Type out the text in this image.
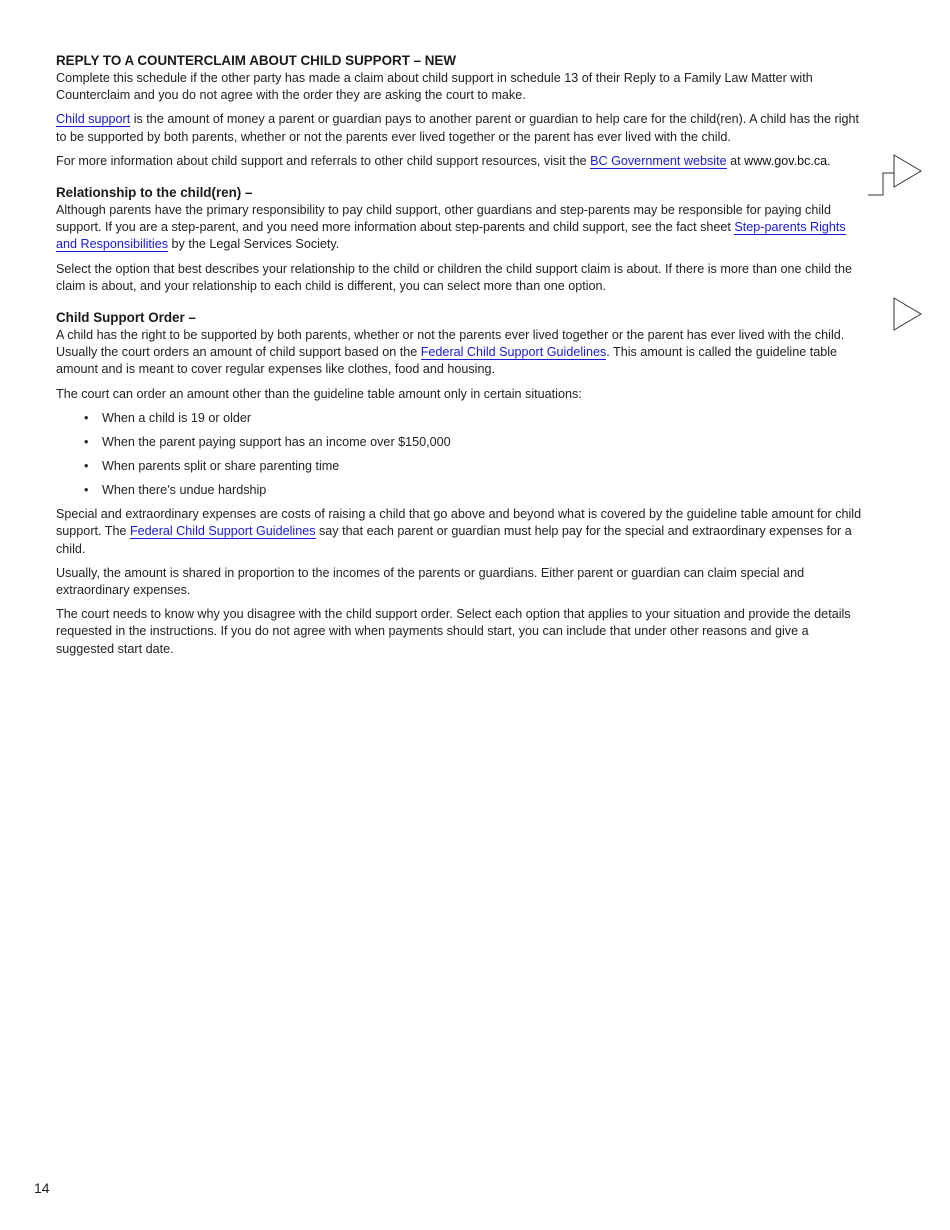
REPLY TO A COUNTERCLAIM ABOUT CHILD SUPPORT – NEW

Complete this schedule if the other party has made a claim about child support in schedule 13 of their Reply to a Family Law Matter with Counterclaim and you do not agree with the order they are asking the court to make.

Child support is the amount of money a parent or guardian pays to another parent or guardian to help care for the child(ren). A child has the right to be supported by both parents, whether or not the parents ever lived together or the parent has ever lived with the child.

For more information about child support and referrals to other child support resources, visit the BC Government website at www.gov.bc.ca.

Relationship to the child(ren) –

Although parents have the primary responsibility to pay child support, other guardians and step-parents may be responsible for paying child support. If you are a step-parent, and you need more information about step-parents and child support, see the fact sheet Step-parents Rights and Responsibilities by the Legal Services Society.

Select the option that best describes your relationship to the child or children the child support claim is about. If there is more than one child the claim is about, and your relationship to each child is different, you can select more than one option.

Child Support Order –

A child has the right to be supported by both parents, whether or not the parents ever lived together or the parent has ever lived with the child. Usually the court orders an amount of child support based on the Federal Child Support Guidelines. This amount is called the guideline table amount and is meant to cover regular expenses like clothes, food and housing.

The court can order an amount other than the guideline table amount only in certain situations:

• When a child is 19 or older
• When the parent paying support has an income over $150,000
• When parents split or share parenting time
• When there’s undue hardship

Special and extraordinary expenses are costs of raising a child that go above and beyond what is covered by the guideline table amount for child support. The Federal Child Support Guidelines say that each parent or guardian must help pay for the special and extraordinary expenses for a child.

Usually, the amount is shared in proportion to the incomes of the parents or guardians. Either parent or guardian can claim special and extraordinary expenses.

The court needs to know why you disagree with the child support order. Select each option that applies to your situation and provide the details requested in the instructions. If you do not agree with when payments should start, you can include that under other reasons and give a suggested start date.

14
